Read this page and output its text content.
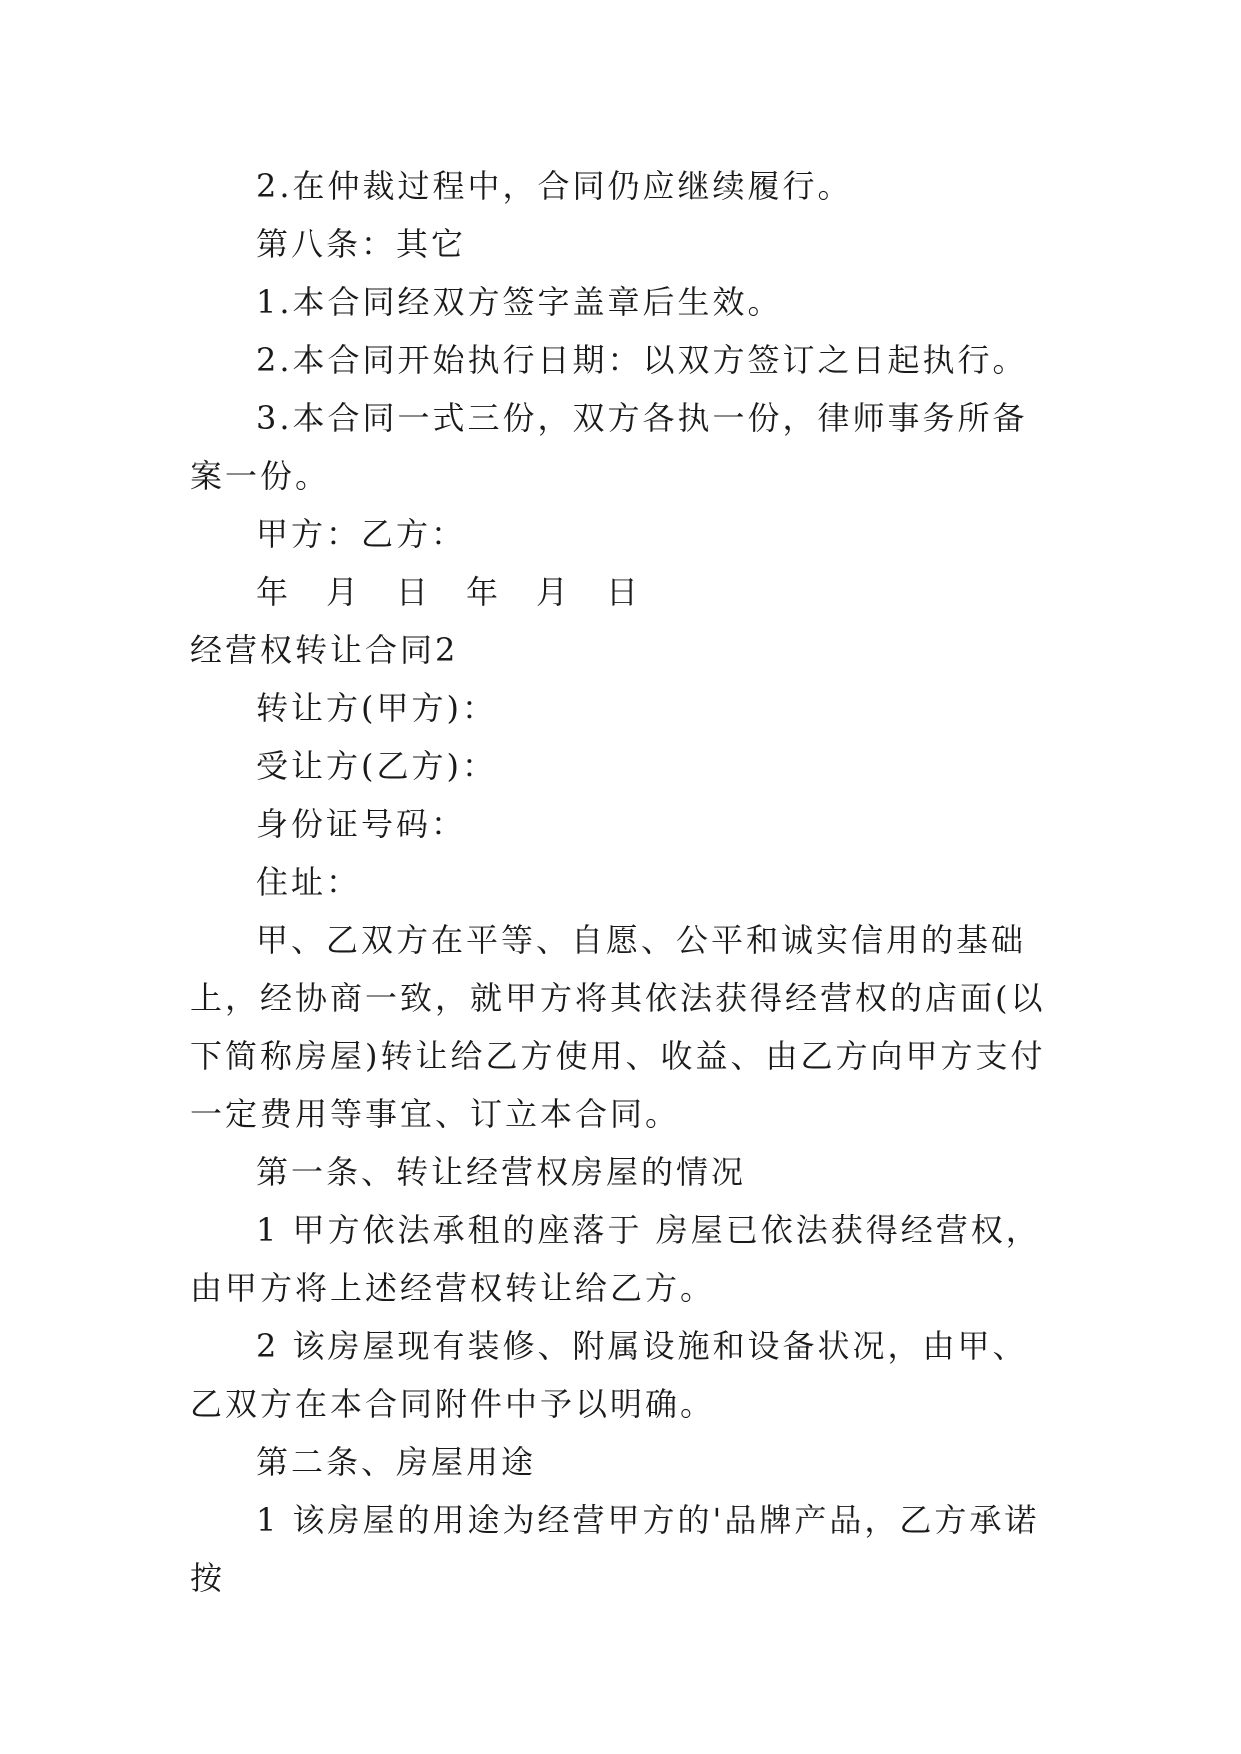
2.在仲裁过程中，合同仍应继续履行。

第八条：其它

1.本合同经双方签字盖章后生效。

2.本合同开始执行日期：以双方签订之日起执行。

3.本合同一式三份，双方各执一份，律师事务所备案一份。

甲方：乙方：

年　月　日　年　月　日

经营权转让合同2

转让方(甲方)：

受让方(乙方)：

身份证号码：

住址：

甲、乙双方在平等、自愿、公平和诚实信用的基础上，经协商一致，就甲方将其依法获得经营权的店面(以下简称房屋)转让给乙方使用、收益、由乙方向甲方支付一定费用等事宜、订立本合同。

第一条、转让经营权房屋的情况

1 甲方依法承租的座落于 房屋已依法获得经营权，由甲方将上述经营权转让给乙方。

2 该房屋现有装修、附属设施和设备状况，由甲、乙双方在本合同附件中予以明确。

第二条、房屋用途

1 该房屋的用途为经营甲方的'品牌产品，乙方承诺按
